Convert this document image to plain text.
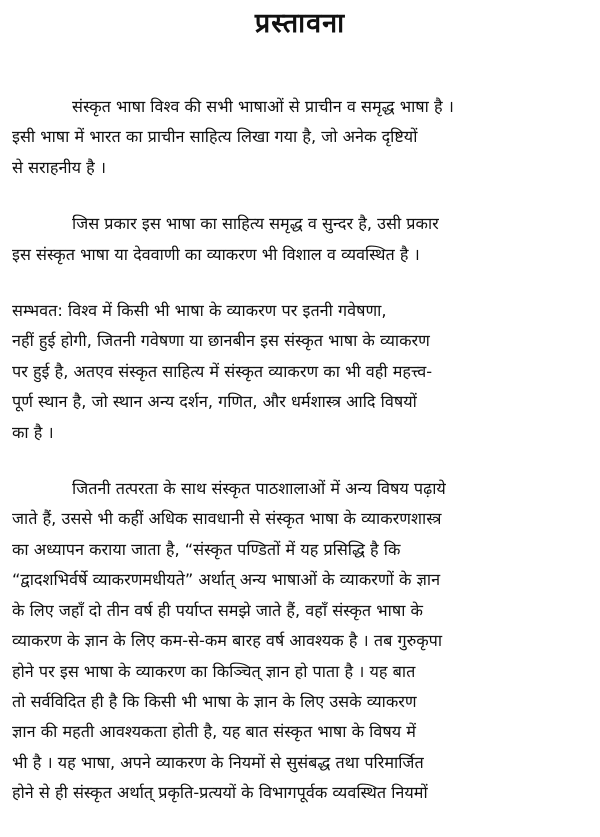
प्रस्तावना

संस्कृत भाषा विश्व की सभी भाषाओं से प्राचीन व समृद्ध भाषा है ।
इसी भाषा में भारत का प्राचीन साहित्य लिखा गया है, जो अनेक दृष्टियों
से सराहनीय है ।

जिस प्रकार इस भाषा का साहित्य समृद्ध व सुन्दर है, उसी प्रकार
इस संस्कृत भाषा या देववाणी का व्याकरण भी विशाल व व्यवस्थित है ।

सम्भवत: विश्व में किसी भी भाषा के व्याकरण पर इतनी गवेषणा,
नहीं हुई होगी, जितनी गवेषणा या छानबीन इस संस्कृत भाषा के व्याकरण
पर हुई है, अतएव संस्कृत साहित्य में संस्कृत व्याकरण का भी वही महत्त्व-
पूर्ण स्थान है, जो स्थान अन्य दर्शन, गणित, और धर्मशास्त्र आदि विषयों
का है ।

जितनी तत्परता के साथ संस्कृत पाठशालाओं में अन्य विषय पढ़ाये
जाते हैं, उससे भी कहीं अधिक सावधानी से संस्कृत भाषा के व्याकरणशास्त्र
का अध्यापन कराया जाता है, “संस्कृत पण्डितों में यह प्रसिद्धि है कि
“द्वादशभिर्वर्षे व्याकरणमधीयते” अर्थात् अन्य भाषाओं के व्याकरणों के ज्ञान
के लिए जहाँ दो तीन वर्ष ही पर्याप्त समझे जाते हैं, वहाँ संस्कृत भाषा के
व्याकरण के ज्ञान के लिए कम-से-कम बारह वर्ष आवश्यक है । तब गुरुकृपा
होने पर इस भाषा के व्याकरण का किञ्चित् ज्ञान हो पाता है । यह बात
तो सर्वविदित ही है कि किसी भी भाषा के ज्ञान के लिए उसके व्याकरण
ज्ञान की महती आवश्यकता होती है, यह बात संस्कृत भाषा के विषय में
भी है । यह भाषा, अपने व्याकरण के नियमों से सुसंबद्ध तथा परिमार्जित
होने से ही संस्कृत अर्थात् प्रकृति-प्रत्ययों के विभागपूर्वक व्यवस्थित नियमों
